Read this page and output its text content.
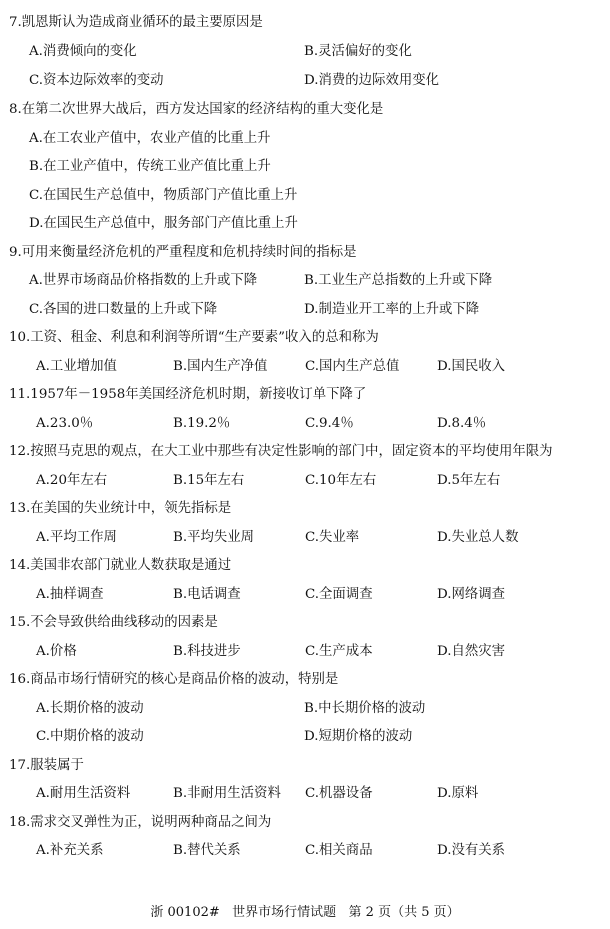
7.凯恩斯认为造成商业循环的最主要原因是
A.消费倾向的变化	B.灵活偏好的变化
C.资本边际效率的变动	D.消费的边际效用变化
8.在第二次世界大战后，西方发达国家的经济结构的重大变化是
A.在工农业产值中，农业产值的比重上升
B.在工业产值中，传统工业产值比重上升
C.在国民生产总值中，物质部门产值比重上升
D.在国民生产总值中，服务部门产值比重上升
9.可用来衡量经济危机的严重程度和危机持续时间的指标是
A.世界市场商品价格指数的上升或下降	B.工业生产总指数的上升或下降
C.各国的进口数量的上升或下降	D.制造业开工率的上升或下降
10.工资、租金、利息和利润等所谓“生产要素”收入的总和称为
A.工业增加值	B.国内生产净值	C.国内生产总值	D.国民收入
11.1957年－1958年美国经济危机时期，新接收订单下降了
A.23.0％	B.19.2％	C.9.4％	D.8.4％
12.按照马克思的观点，在大工业中那些有决定性影响的部门中，固定资本的平均使用年限为
A.20年左右	B.15年左右	C.10年左右	D.5年左右
13.在美国的失业统计中，领先指标是
A.平均工作周	B.平均失业周	C.失业率	D.失业总人数
14.美国非农部门就业人数获取是通过
A.抽样调查	B.电话调查	C.全面调查	D.网络调查
15.不会导致供给曲线移动的因素是
A.价格	B.科技进步	C.生产成本	D.自然灾害
16.商品市场行情研究的核心是商品价格的波动，特别是
A.长期价格的波动	B.中长期价格的波动
C.中期价格的波动	D.短期价格的波动
17.服装属于
A.耐用生活资料	B.非耐用生活资料 C.机器设备	D.原料
18.需求交叉弹性为正，说明两种商品之间为
A.补充关系	B.替代关系	C.相关商品	D.没有关系
浙 00102#   世界市场行情试题   第 2 页（共 5 页）
